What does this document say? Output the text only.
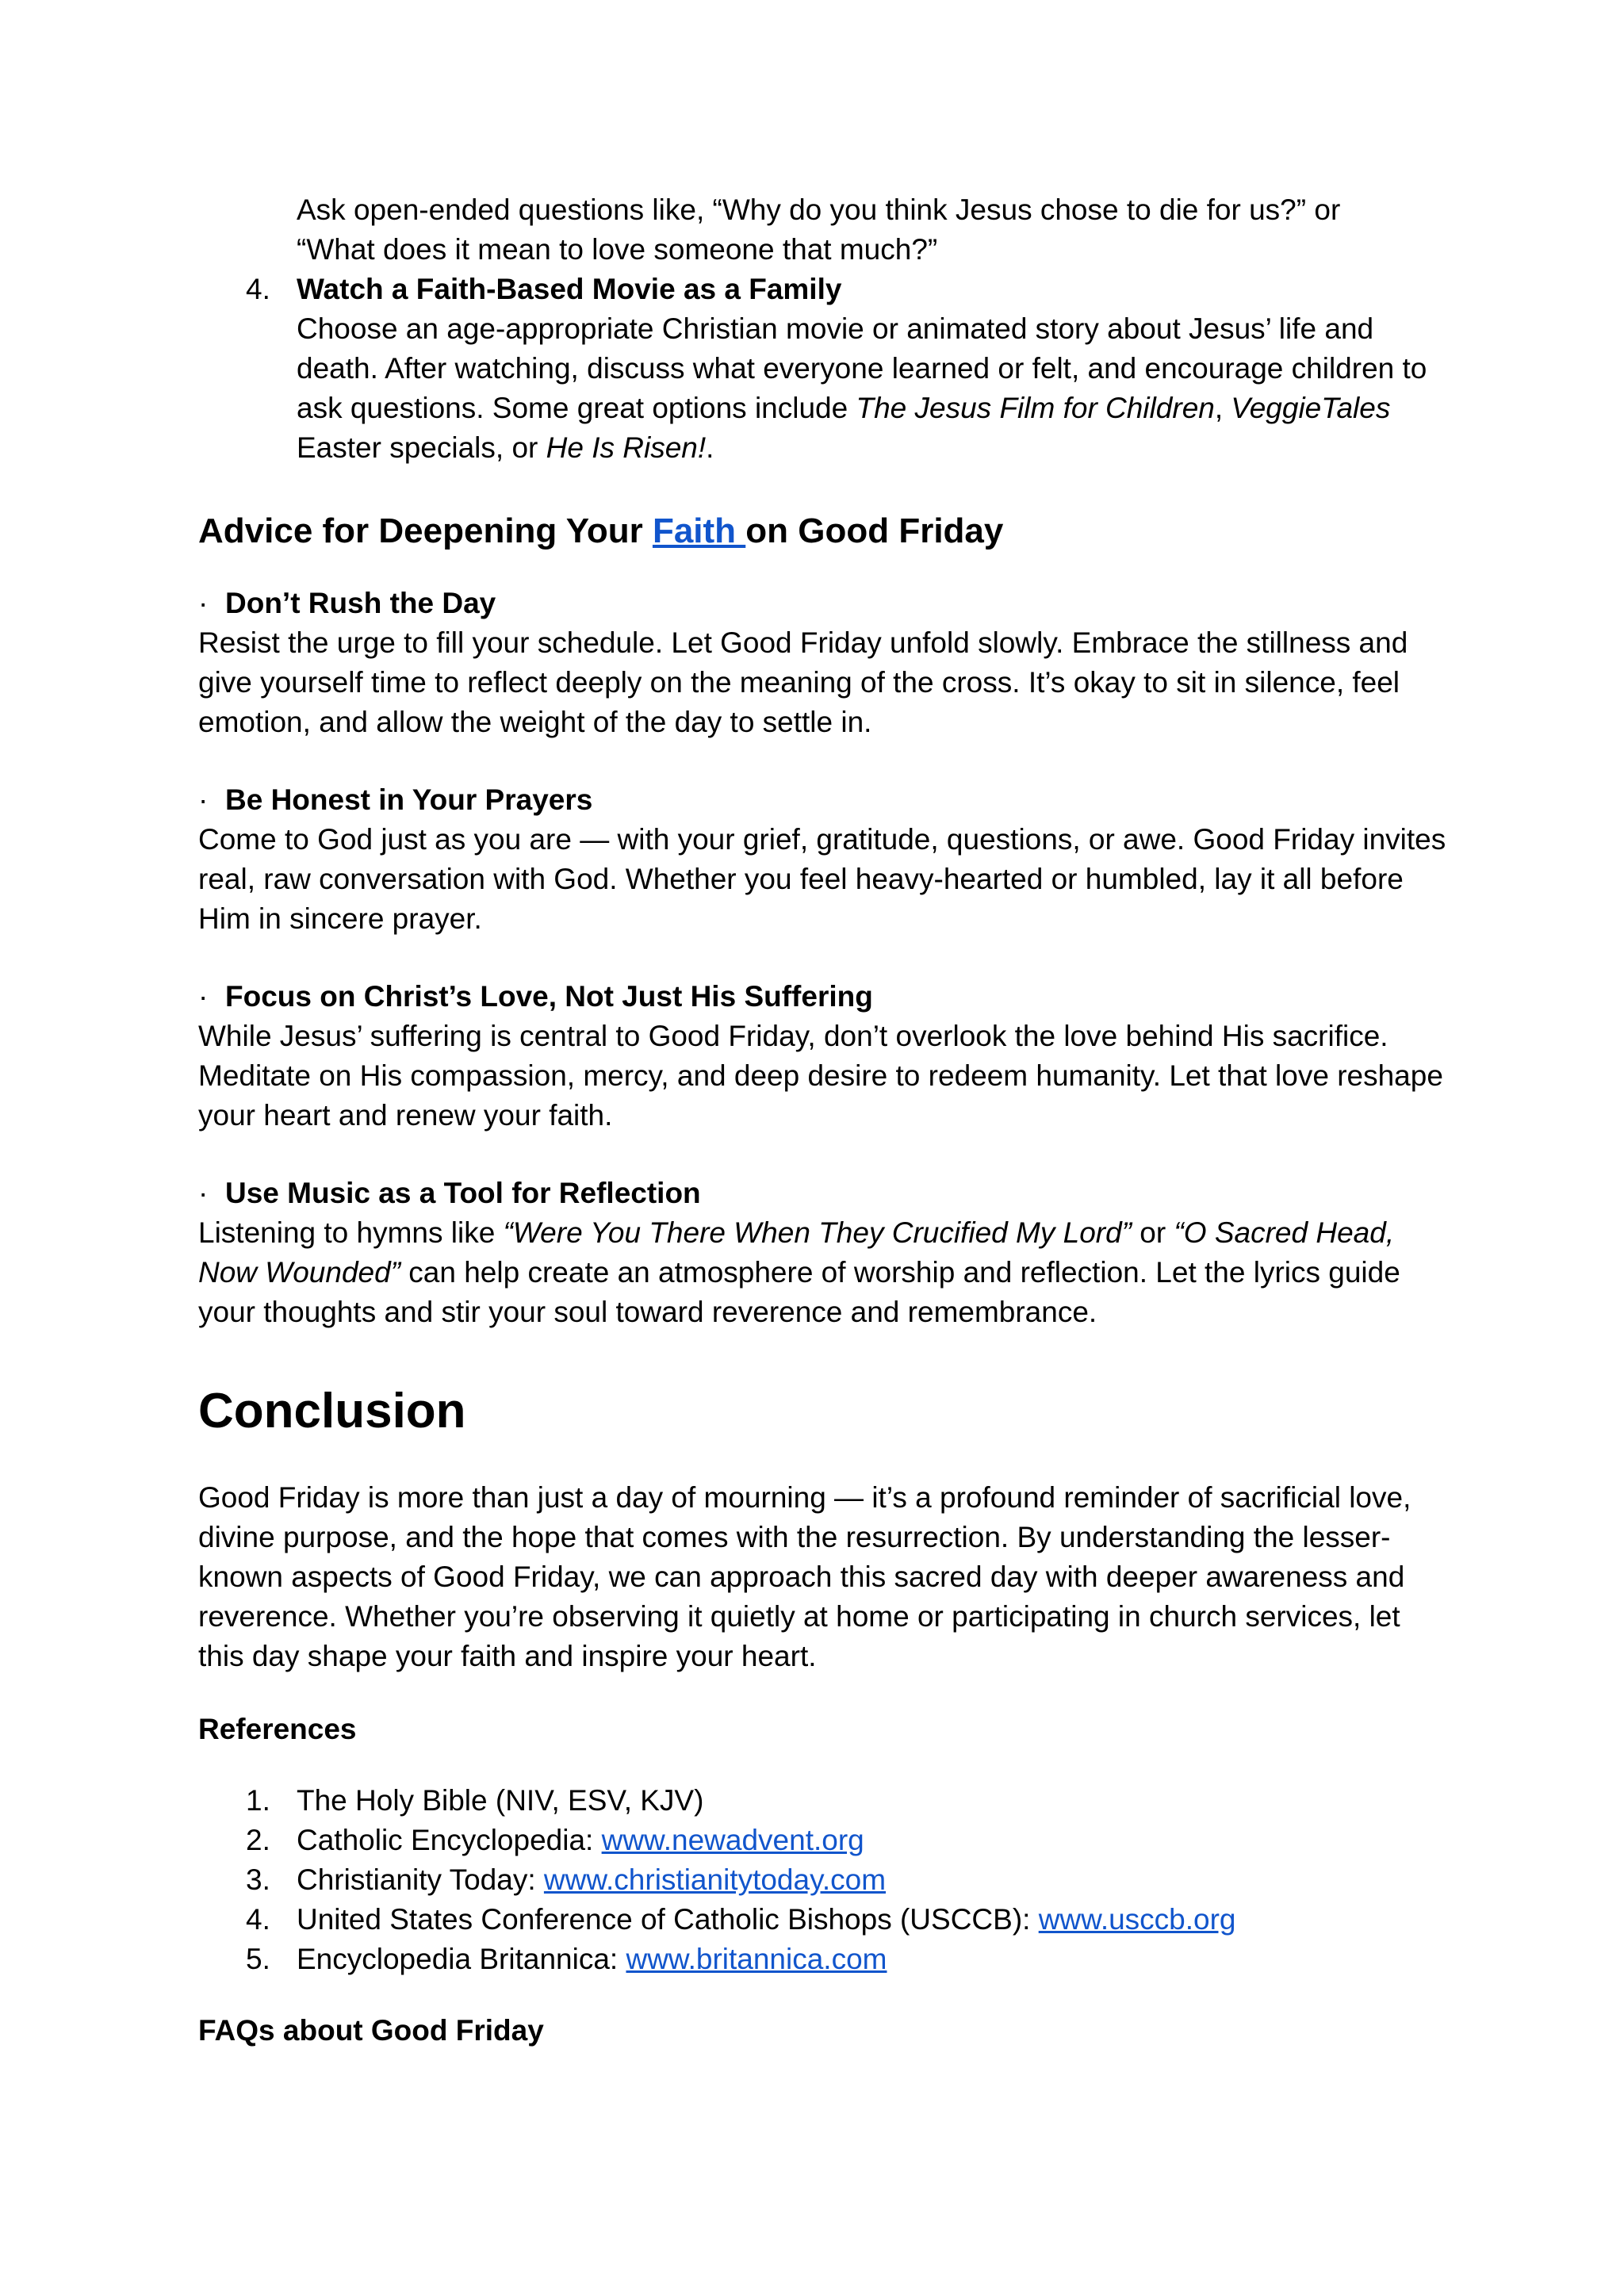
Ask open-ended questions like, “Why do you think Jesus chose to die for us?” or

“What does it mean to love someone that much?”

4. Watch a Faith-Based Movie as a Family

Choose an age-appropriate Christian movie or animated story about Jesus’ life and death. After watching, discuss what everyone learned or felt, and encourage children to ask questions. Some great options include The Jesus Film for Children, VeggieTales Easter specials, or He Is Risen!.

Advice for Deepening Your Faith on Good Friday

· Don’t Rush the Day

Resist the urge to fill your schedule. Let Good Friday unfold slowly. Embrace the stillness and give yourself time to reflect deeply on the meaning of the cross. It’s okay to sit in silence, feel emotion, and allow the weight of the day to settle in.

· Be Honest in Your Prayers

Come to God just as you are — with your grief, gratitude, questions, or awe. Good Friday invites real, raw conversation with God. Whether you feel heavy-hearted or humbled, lay it all before Him in sincere prayer.

· Focus on Christ’s Love, Not Just His Suffering

While Jesus’ suffering is central to Good Friday, don’t overlook the love behind His sacrifice. Meditate on His compassion, mercy, and deep desire to redeem humanity. Let that love reshape your heart and renew your faith.

· Use Music as a Tool for Reflection

Listening to hymns like “Were You There When They Crucified My Lord” or “O Sacred Head, Now Wounded” can help create an atmosphere of worship and reflection. Let the lyrics guide your thoughts and stir your soul toward reverence and remembrance.

Conclusion

Good Friday is more than just a day of mourning — it’s a profound reminder of sacrificial love, divine purpose, and the hope that comes with the resurrection. By understanding the lesser-known aspects of Good Friday, we can approach this sacred day with deeper awareness and reverence. Whether you’re observing it quietly at home or participating in church services, let this day shape your faith and inspire your heart.

References

1. The Holy Bible (NIV, ESV, KJV)

2. Catholic Encyclopedia: www.newadvent.org

3. Christianity Today: www.christianitytoday.com

4. United States Conference of Catholic Bishops (USCCB): www.usccb.org

5. Encyclopedia Britannica: www.britannica.com

FAQs about Good Friday
